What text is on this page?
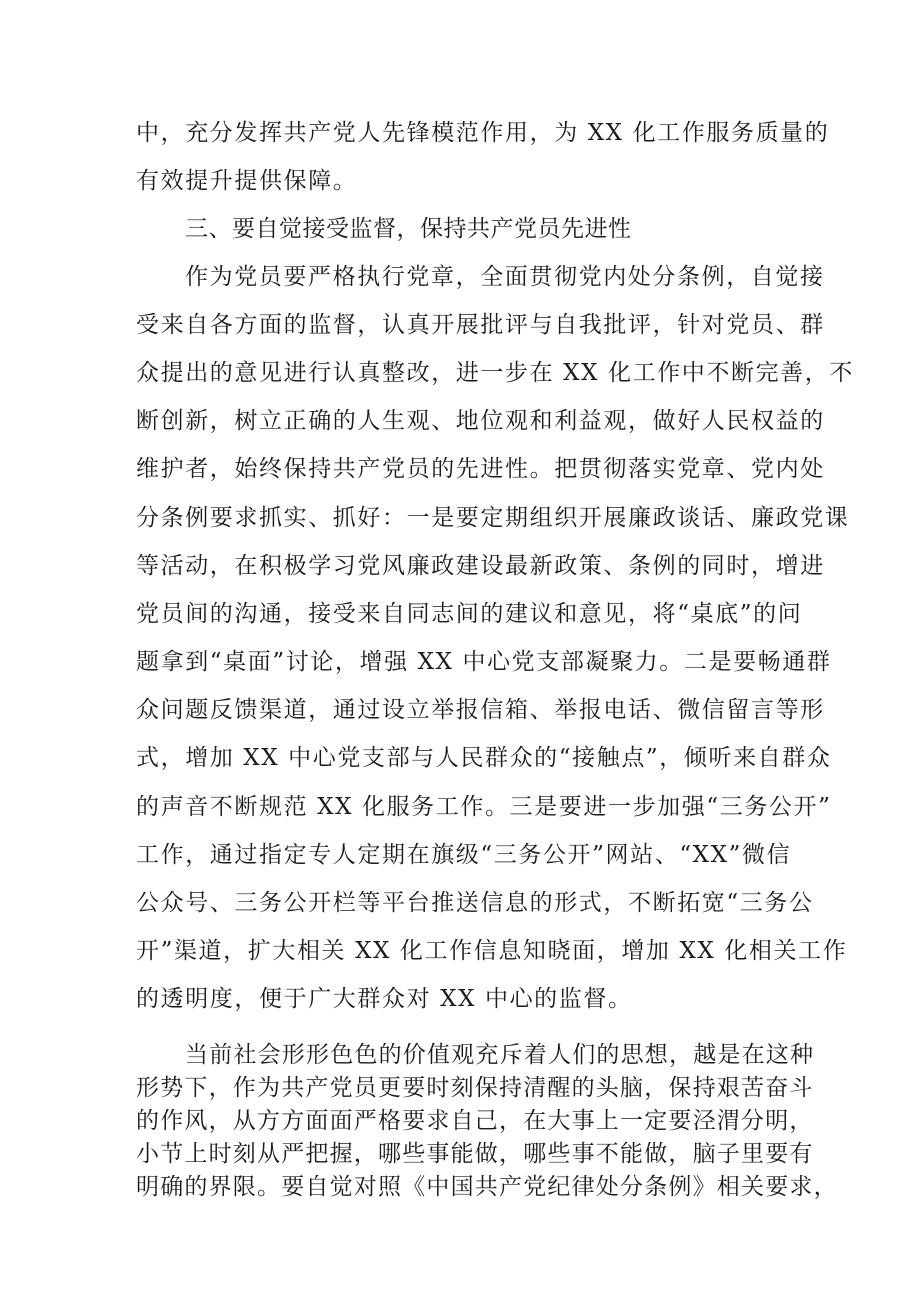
中，充分发挥共产党人先锋模范作用，为 XX 化工作服务质量的
有效提升提供保障。
三、要自觉接受监督，保持共产党员先进性
作为党员要严格执行党章，全面贯彻党内处分条例，自觉接
受来自各方面的监督，认真开展批评与自我批评，针对党员、群
众提出的意见进行认真整改，进一步在 XX 化工作中不断完善，不
断创新，树立正确的人生观、地位观和利益观，做好人民权益的
维护者，始终保持共产党员的先进性。把贯彻落实党章、党内处
分条例要求抓实、抓好：一是要定期组织开展廉政谈话、廉政党课
等活动，在积极学习党风廉政建设最新政策、条例的同时，增进
党员间的沟通，接受来自同志间的建议和意见，将“桌底”的问
题拿到“桌面”讨论，增强 XX 中心党支部凝聚力。二是要畅通群
众问题反馈渠道，通过设立举报信箱、举报电话、微信留言等形
式，增加 XX 中心党支部与人民群众的“接触点”，倾听来自群众
的声音不断规范 XX 化服务工作。三是要进一步加强“三务公开”
工作，通过指定专人定期在旗级“三务公开”网站、“XX”微信
公众号、三务公开栏等平台推送信息的形式，不断拓宽“三务公
开”渠道，扩大相关 XX 化工作信息知晓面，增加 XX 化相关工作
的透明度，便于广大群众对 XX 中心的监督。
当前社会形形色色的价值观充斥着人们的思想，越是在这种
形势下，作为共产党员更要时刻保持清醒的头脑，保持艰苦奋斗
的作风，从方方面面严格要求自己，在大事上一定要泾渭分明，
小节上时刻从严把握，哪些事能做，哪些事不能做，脑子里要有
明确的界限。要自觉对照《中国共产党纪律处分条例》相关要求，
